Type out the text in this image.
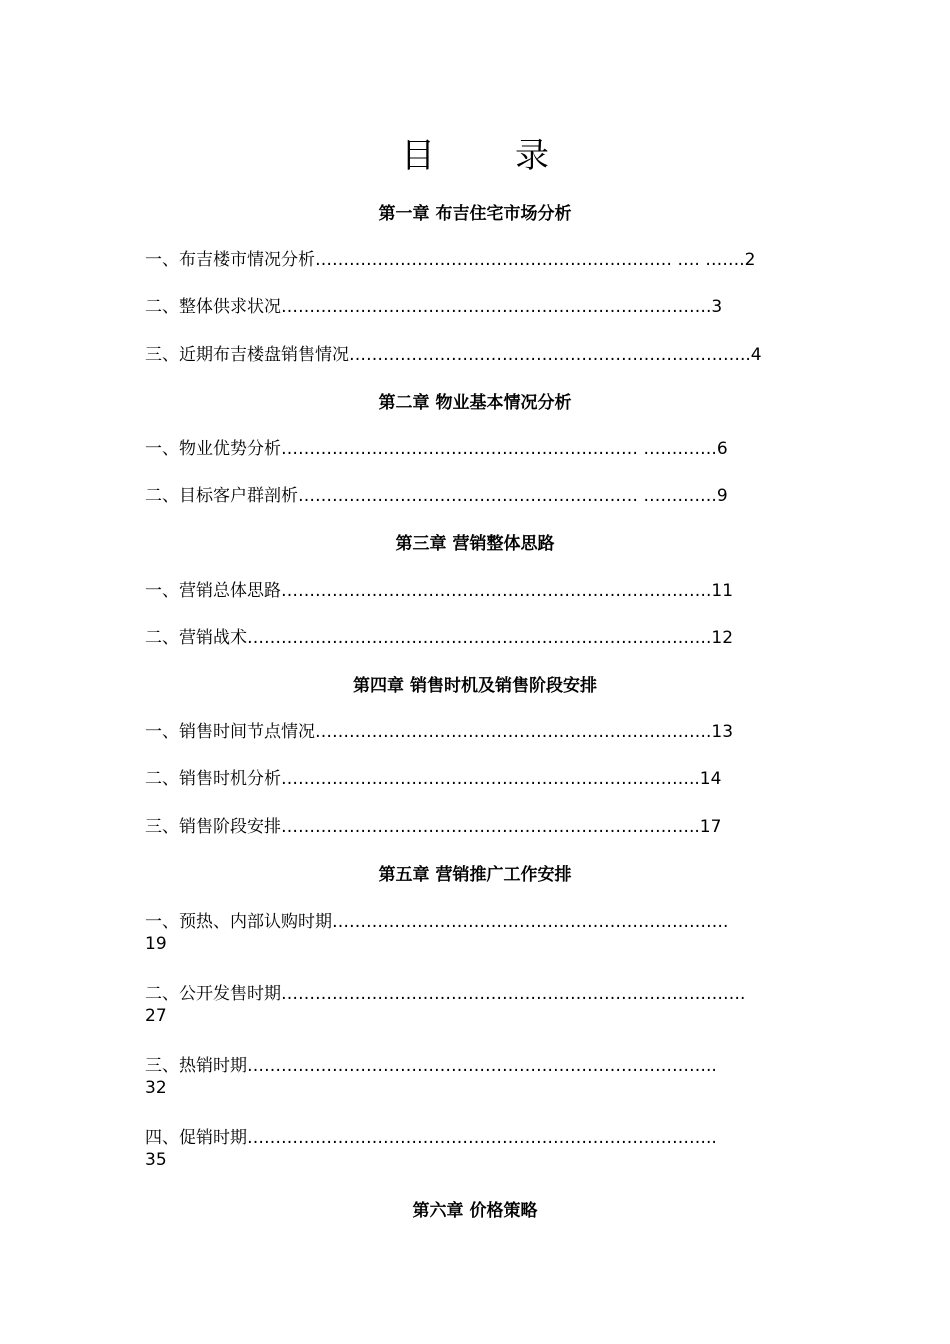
目 录
第一章 布吉住宅市场分析
一、布吉楼市情况分析……………………………………………………… …. …….2
二、整体供求状况………………………………………………………………….3
三、近期布吉楼盘销售情况……………………………………………………………..4
第二章 物业基本情况分析
一、物业优势分析……………………………………………………… ………….6
二、目标客户群剖析…………………………………………………… ………….9
第三章 营销整体思路
一、营销总体思路………………………………………………………………….11
二、营销战术……………………………………………………………………….12
第四章 销售时机及销售阶段安排
一、销售时间节点情况…………………………………………………………….13
二、销售时机分析………………………………………………………………..14
三、销售阶段安排………………………………………………………………..17
第五章 营销推广工作安排
一、预热、内部认购时期…………………………………………………………….
19
二、公开发售时期……………………………………………………………………….
27
三、热销时期………………………………………………………………………..
32
四、促销时期………………………………………………………………………..
35
第六章 价格策略
